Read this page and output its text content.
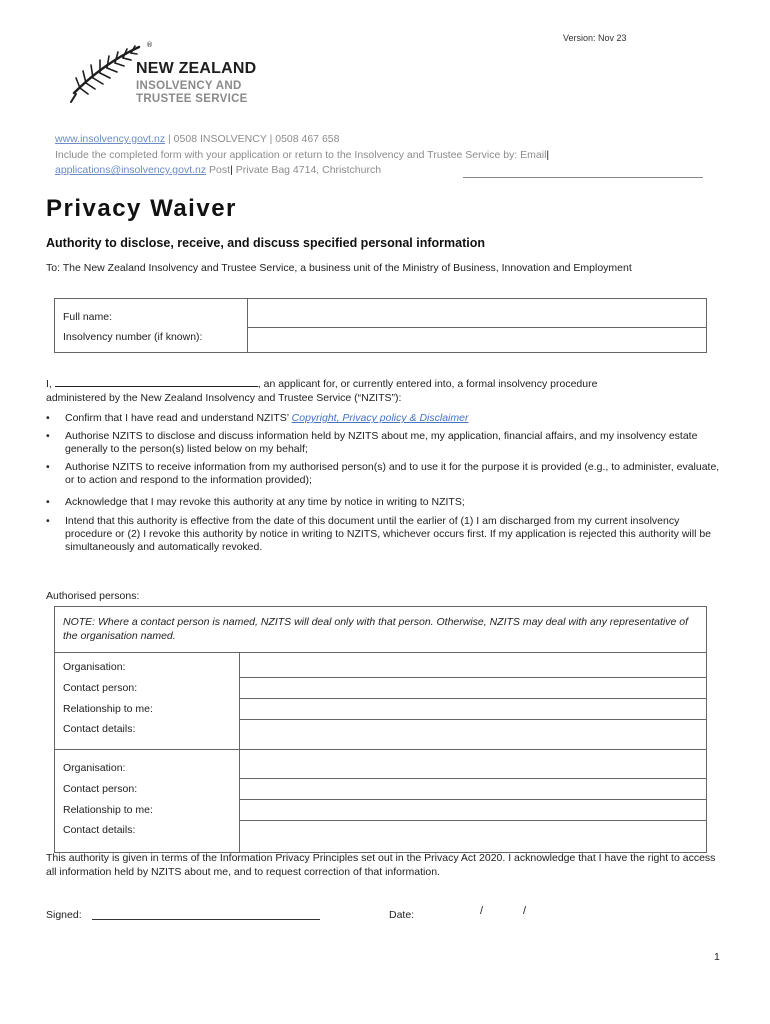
Version: Nov 23
®
NEW ZEALAND
INSOLVENCY AND
TRUSTEE SERVICE
www.insolvency.govt.nz | 0508 INSOLVENCY | 0508 467 658
Include the completed form with your application or return to the Insolvency and Trustee Service by: Email|
applications@insolvency.govt.nz Post| Private Bag 4714, Christchurch
Privacy Waiver
Authority to disclose, receive, and discuss specified personal information
To: The New Zealand Insolvency and Trustee Service, a business unit of the Ministry of Business, Innovation and Employment
Full name:	
Insolvency number (if known):	
I,	, an applicant for, or currently entered into, a formal insolvency procedure
administered by the New Zealand Insolvency and Trustee Service (“NZITS”):
• Confirm that I have read and understand NZITS’ Copyright, Privacy policy & Disclaimer
• Authorise NZITS to disclose and discuss information held by NZITS about me, my application, financial affairs, and my insolvency estate generally to the person(s) listed below on my behalf;
• Authorise NZITS to receive information from my authorised person(s) and to use it for the purpose it is provided (e.g., to administer, evaluate, or to action and respond to the information provided);
• Acknowledge that I may revoke this authority at any time by notice in writing to NZITS;
• Intend that this authority is effective from the date of this document until the earlier of (1) I am discharged from my current insolvency procedure or (2) I revoke this authority by notice in writing to NZITS, whichever occurs first. If my application is rejected this authority will be simultaneously and automatically revoked.
Authorised persons:
NOTE: Where a contact person is named, NZITS will deal only with that person. Otherwise, NZITS may deal with any representative of the organisation named.	
Organisation:	
Contact person:	
Relationship to me:	
Contact details:	
Organisation:	
Contact person:	
Relationship to me:	
Contact details:	
This authority is given in terms of the Information Privacy Principles set out in the Privacy Act 2020. I acknowledge that I have the right to access all information held by NZITS about me, and to request correction of that information.
Signed:	Date:	/	/
1
